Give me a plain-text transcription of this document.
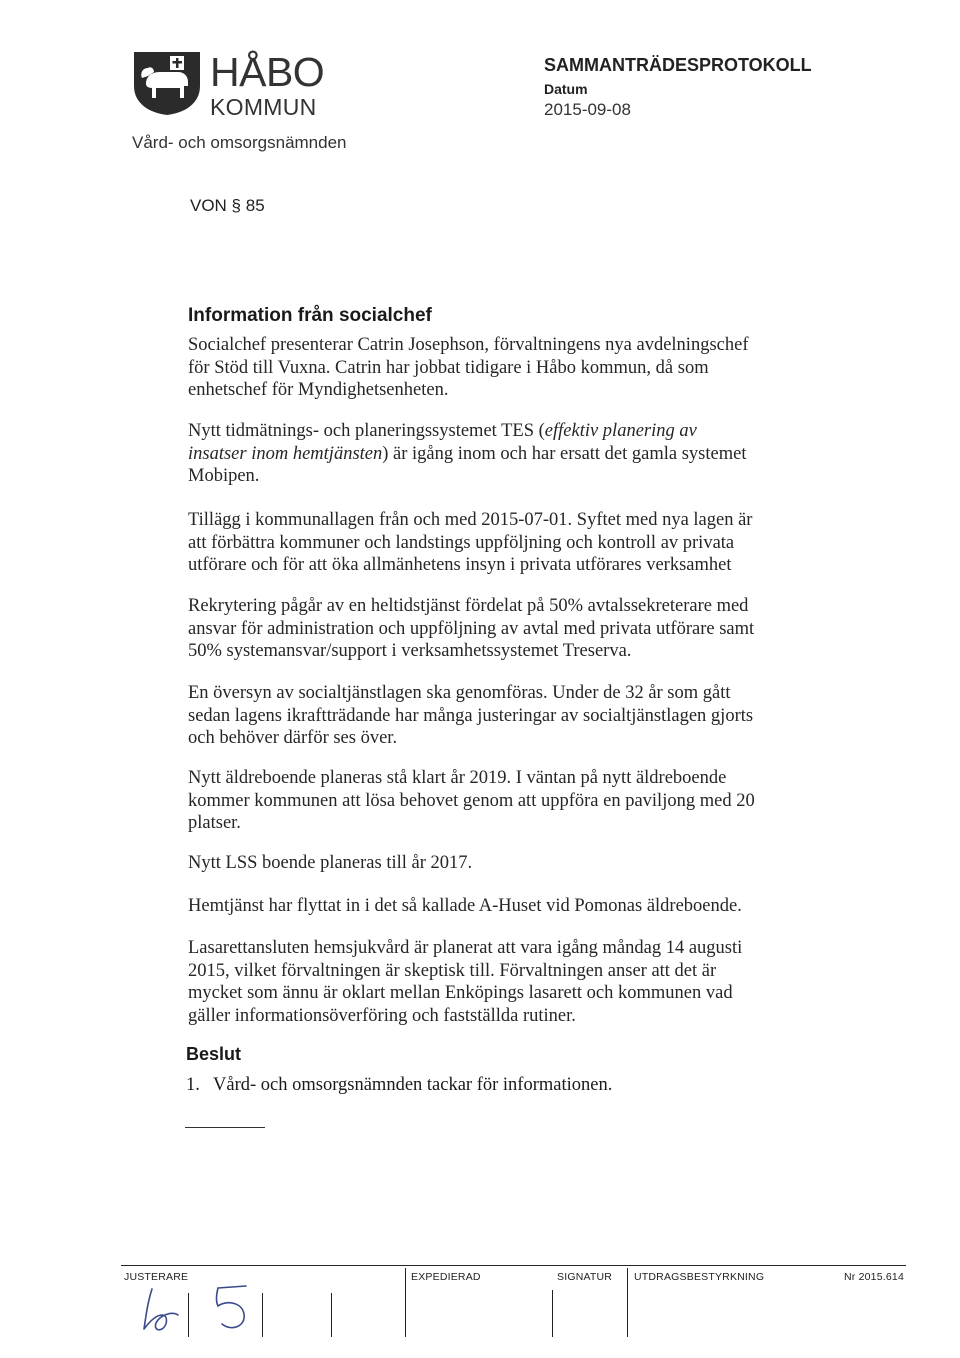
HÅBO
KOMMUN
Vård- och omsorgsnämnden
SAMMANTRÄDESPROTOKOLL
Datum
2015-09-08
VON § 85
Information från socialchef
Socialchef presenterar Catrin Josephson, förvaltningens nya avdelningschef
för Stöd till Vuxna. Catrin har jobbat tidigare i Håbo kommun, då som
enhetschef för Myndighetsenheten.
Nytt tidmätnings- och planeringssystemet TES (effektiv planering av
insatser inom hemtjänsten) är igång inom och har ersatt det gamla systemet
Mobipen.
Tillägg i kommunallagen från och med 2015-07-01. Syftet med nya lagen är
att förbättra kommuner och landstings uppföljning och kontroll av privata
utförare och för att öka allmänhetens insyn i privata utförares verksamhet
Rekrytering pågår av en heltidstjänst fördelat på 50% avtalssekreterare med
ansvar för administration och uppföljning av avtal med privata utförare samt
50% systemansvar/support i verksamhetssystemet Treserva.
En översyn av socialtjänstlagen ska genomföras. Under de 32 år som gått
sedan lagens ikraftträdande har många justeringar av socialtjänstlagen gjorts
och behöver därför ses över.
Nytt äldreboende planeras stå klart år 2019. I väntan på nytt äldreboende
kommer kommunen att lösa behovet genom att uppföra en paviljong med 20
platser.
Nytt LSS boende planeras till år 2017.
Hemtjänst har flyttat in i det så kallade A-Huset vid Pomonas äldreboende.
Lasarettansluten hemsjukvård är planerat att vara igång måndag 14 augusti
2015, vilket förvaltningen är skeptisk till. Förvaltningen anser att det är
mycket som ännu är oklart mellan Enköpings lasarett och kommunen vad
gäller informationsöverföring och fastställda rutiner.
Beslut
1. Vård- och omsorgsnämnden tackar för informationen.
JUSTERARE	EXPEDIERAD	SIGNATUR UTDRAGSBESTYRKNING	Nr 2015.614
